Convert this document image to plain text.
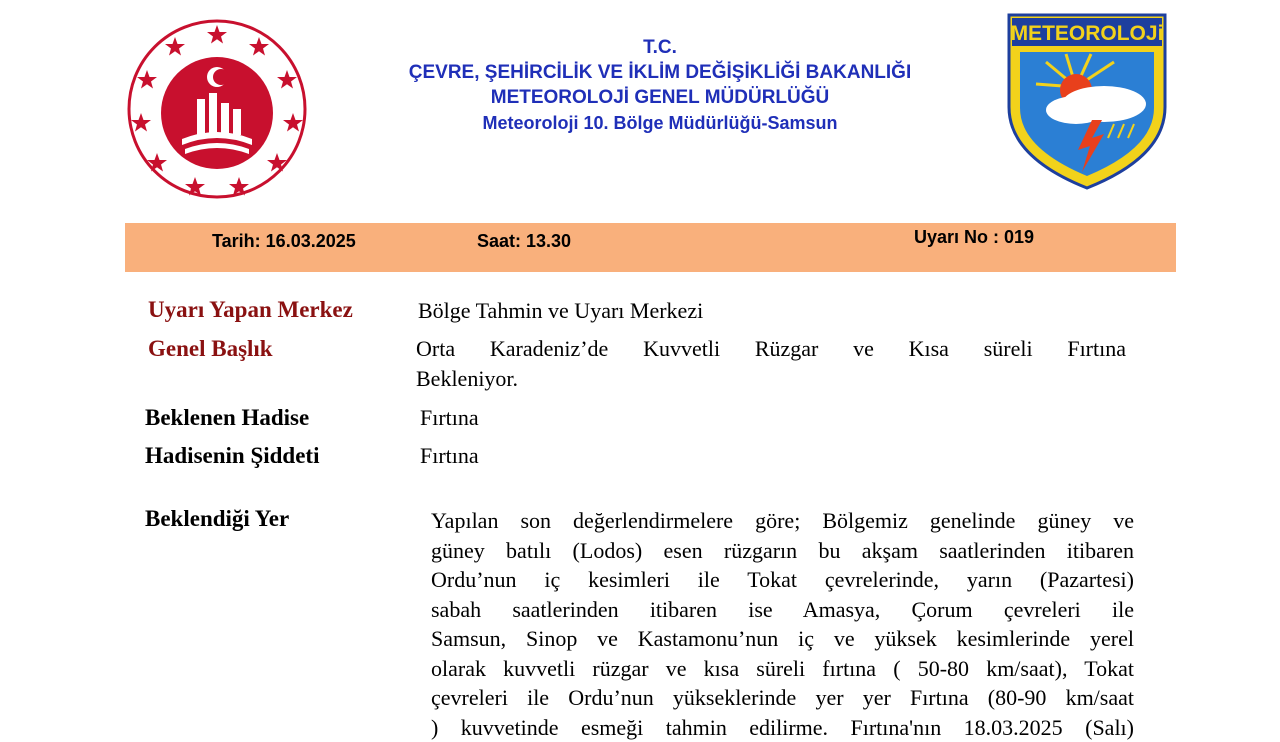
T.C.
ÇEVRE, ŞEHİRCİLİK VE İKLİM DEĞİŞİKLİĞİ BAKANLIĞI
METEOROLOJİ GENEL MÜDÜRLÜĞÜ
Meteoroloji 10. Bölge Müdürlüğü-Samsun
METEOROLOJi
Tarih: 16.03.2025	Saat: 13.30	Uyarı No : 019
Uyarı Yapan Merkez	Bölge Tahmin ve Uyarı Merkezi
Genel Başlık	Orta Karadeniz’de Kuvvetli Rüzgar ve Kısa süreli Fırtına
Bekleniyor.
Beklenen Hadise	Fırtına
Hadisenin Şiddeti	Fırtına
Beklendiği Yer	Yapılan son değerlendirmelere göre; Bölgemiz genelinde güney ve
güney batılı (Lodos) esen rüzgarın bu akşam saatlerinden itibaren
Ordu’nun iç kesimleri ile Tokat çevrelerinde, yarın (Pazartesi)
sabah saatlerinden itibaren ise Amasya, Çorum çevreleri ile
Samsun, Sinop ve Kastamonu’nun iç ve yüksek kesimlerinde yerel
olarak kuvvetli rüzgar ve kısa süreli fırtına ( 50-80 km/saat), Tokat
çevreleri ile Ordu’nun yükseklerinde yer yer Fırtına (80-90 km/saat
) kuvvetinde esmeği tahmin edilirme. Fırtına'nın 18.03.2025 (Salı)
